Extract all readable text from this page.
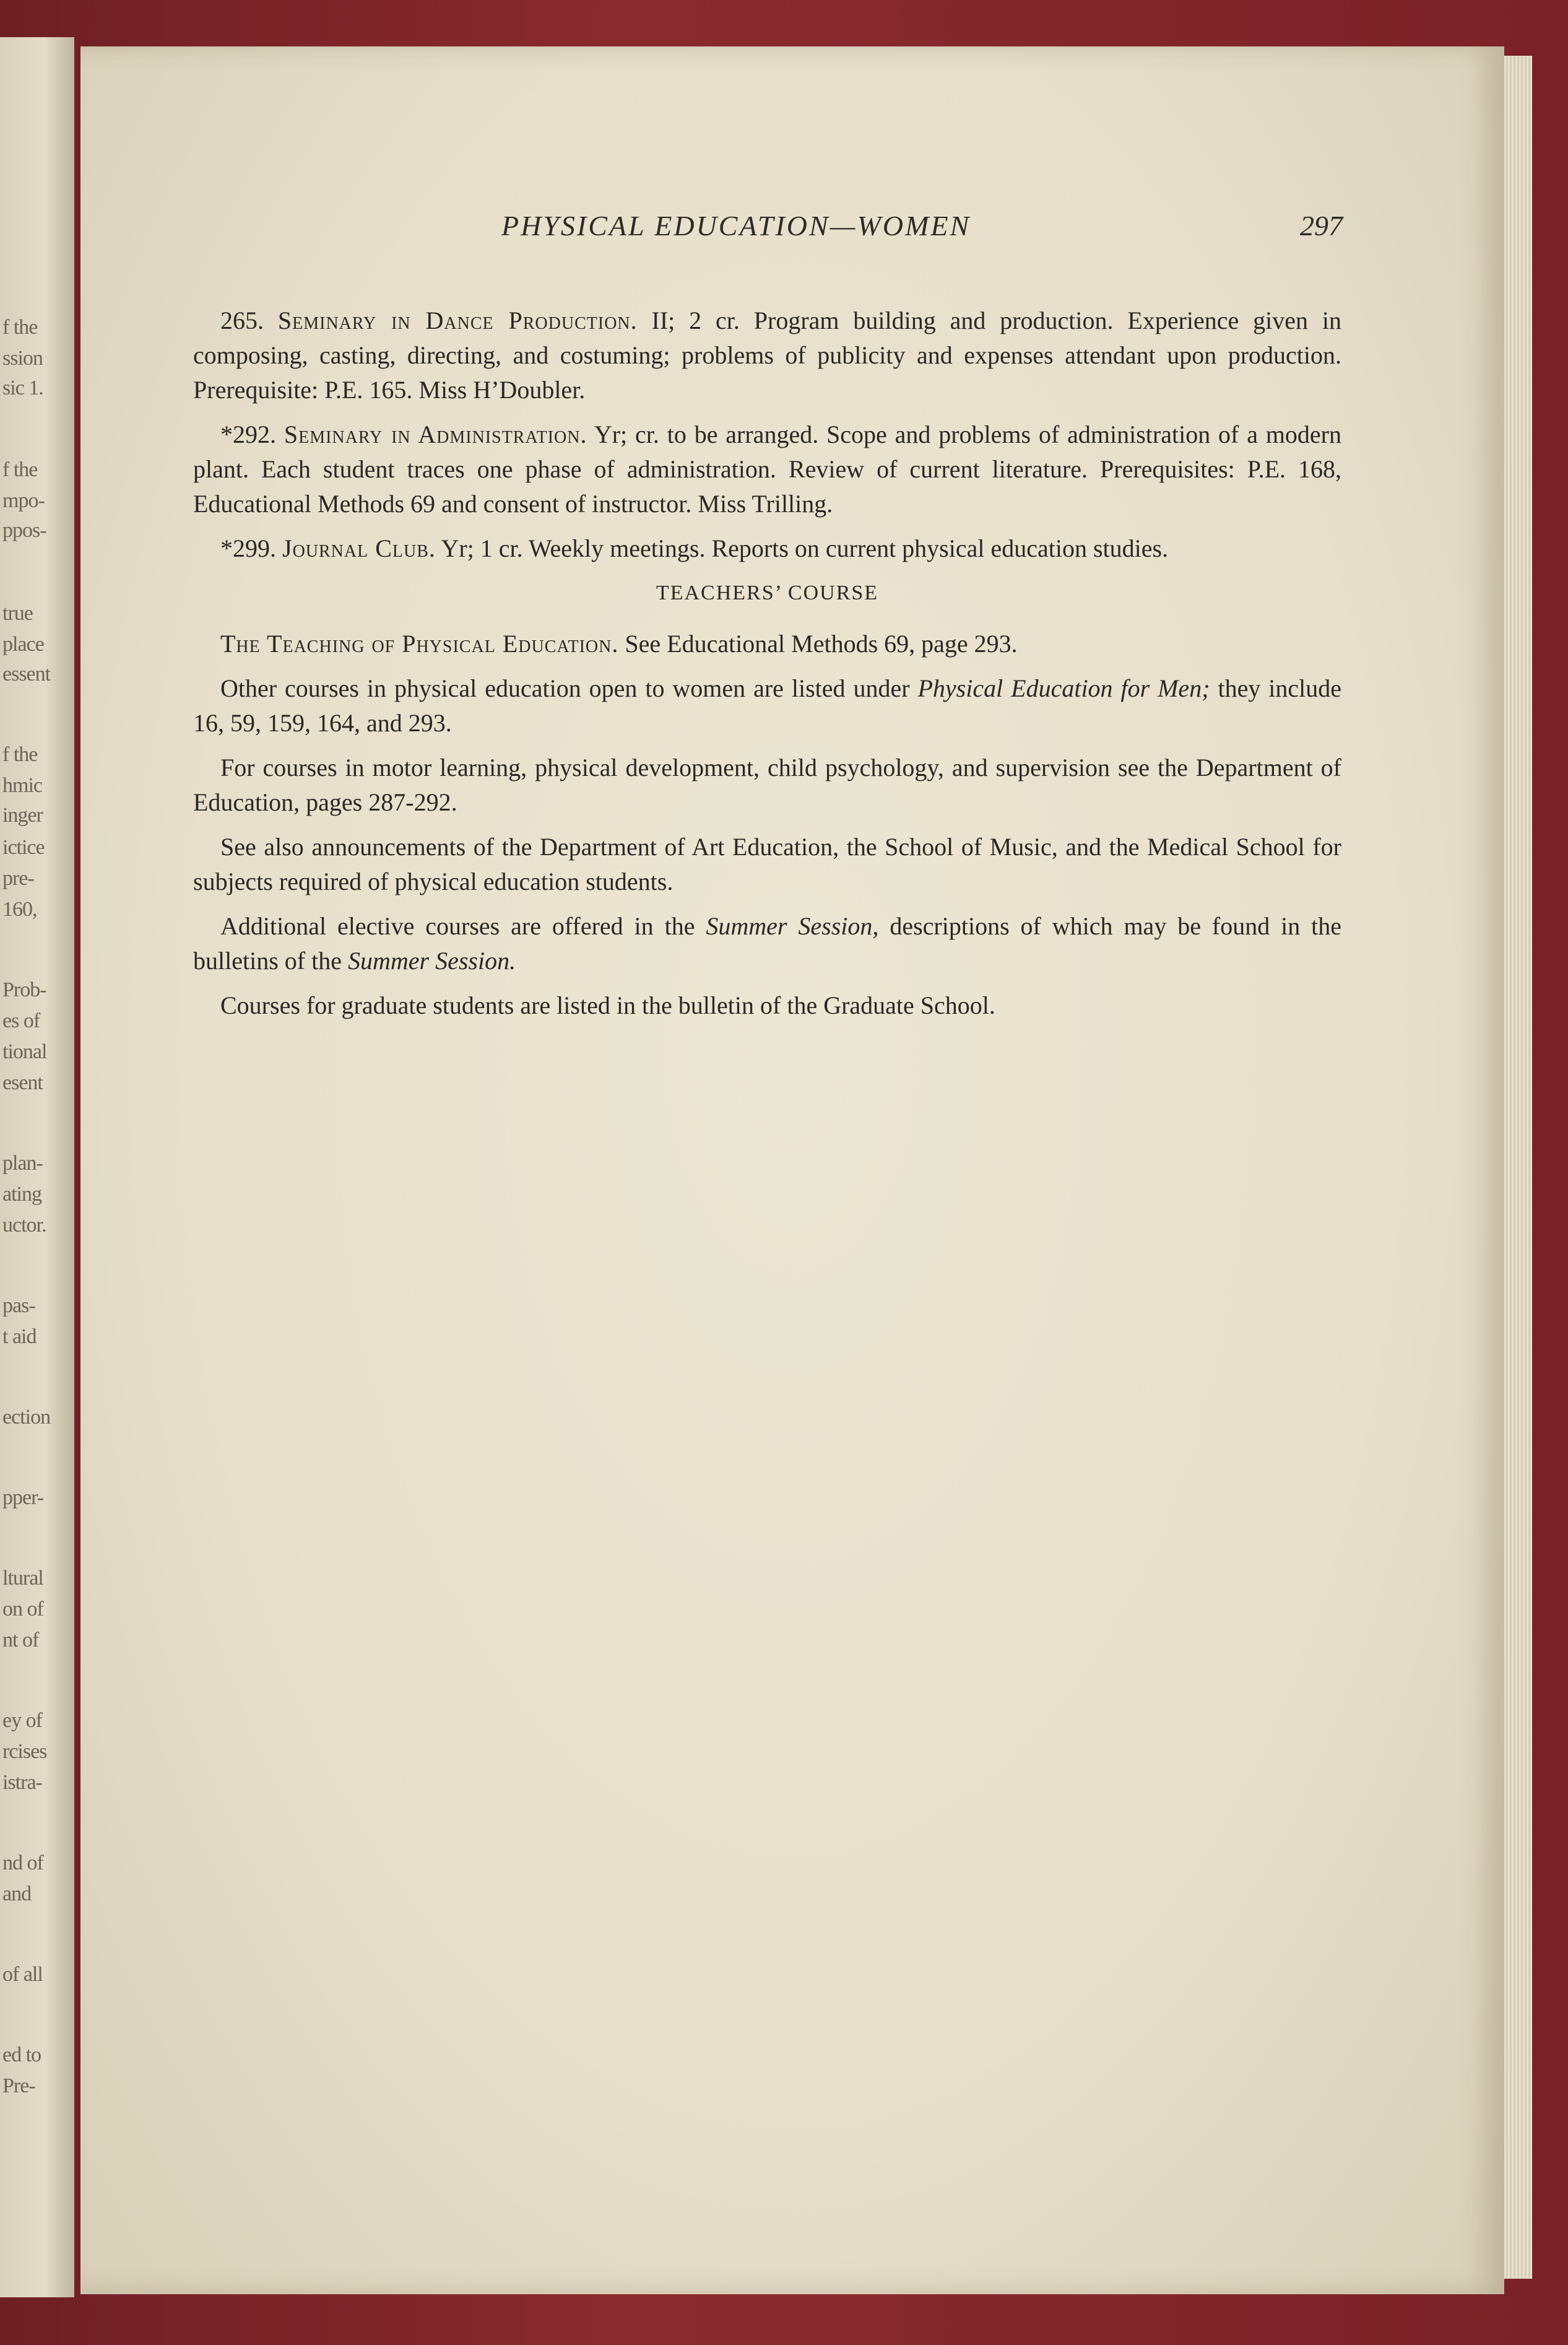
f the
ssion
sic 1.
f the
mpo-
ppos-
true
place
essent
f the
hmic
inger
ictice
pre-
160,
Prob-
es of
tional
esent
plan-
ating
uctor.
pas-
t aid
ection
pper-
ltural
on of
nt of
ey of
rcises
istra-
nd of
and
of all
ed to
Pre-
PHYSICAL EDUCATION—WOMEN	297

265. Seminary in Dance Production. II; 2 cr. Program building and production. Experience given in composing, casting, directing, and costuming; problems of publicity and expenses attendant upon production. Prerequisite: P.E. 165. Miss H’Doubler.

*292. Seminary in Administration. Yr; cr. to be arranged. Scope and problems of administration of a modern plant. Each student traces one phase of administration. Review of current literature. Prerequisites: P.E. 168, Educational Methods 69 and consent of instructor. Miss Trilling.

*299. Journal Club. Yr; 1 cr. Weekly meetings. Reports on current physical education studies.

TEACHERS’ COURSE

The Teaching of Physical Education. See Educational Methods 69, page 293.

Other courses in physical education open to women are listed under Physical Education for Men; they include 16, 59, 159, 164, and 293.

For courses in motor learning, physical development, child psychology, and supervision see the Department of Education, pages 287-292.

See also announcements of the Department of Art Education, the School of Music, and the Medical School for subjects required of physical education students.

Additional elective courses are offered in the Summer Session, descriptions of which may be found in the bulletins of the Summer Session.

Courses for graduate students are listed in the bulletin of the Graduate School.
